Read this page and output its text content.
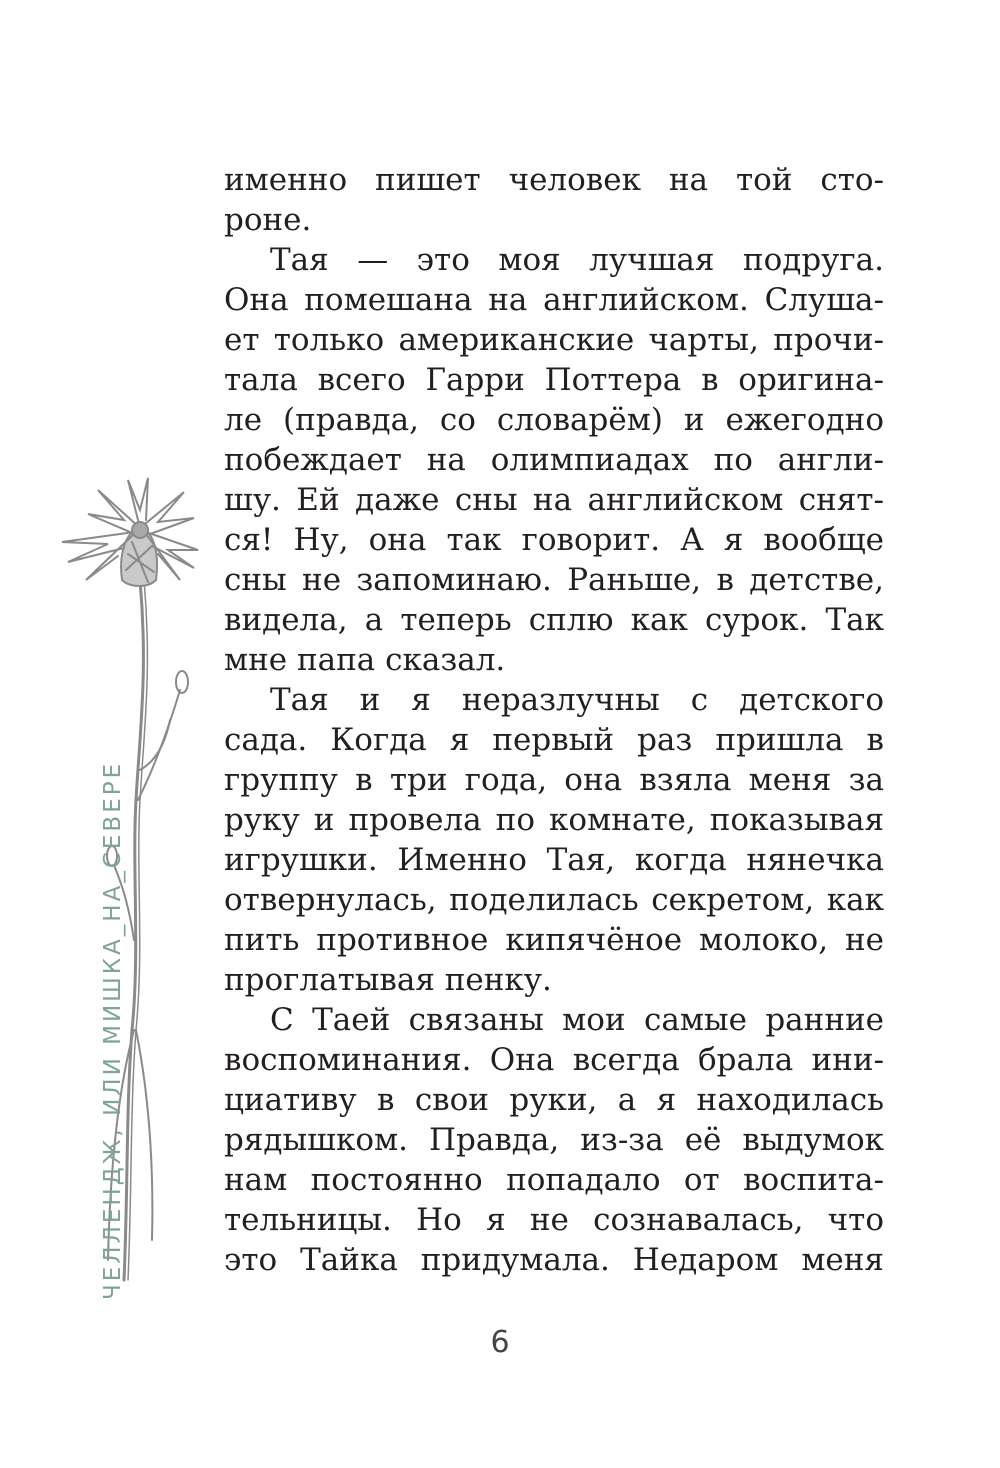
ЧЕЛЛЕНДЖ, ИЛИ МИШКА_НА_СЕВЕРЕ
именно пишет человек на той сто-
роне.
Тая — это моя лучшая подруга.
Она помешана на английском. Слуша-
ет только американские чарты, прочи-
тала всего Гарри Поттера в оригина-
ле (правда, со словарём) и ежегодно
побеждает на олимпиадах по англи-
шу. Ей даже сны на английском снят-
ся! Ну, она так говорит. А я вообще
сны не запоминаю. Раньше, в детстве,
видела, а теперь сплю как сурок. Так
мне папа сказал.
Тая и я неразлучны с детского
сада. Когда я первый раз пришла в
группу в три года, она взяла меня за
руку и провела по комнате, показывая
игрушки. Именно Тая, когда нянечка
отвернулась, поделилась секретом, как
пить противное кипячёное молоко, не
проглатывая пенку.
С Таей связаны мои самые ранние
воспоминания. Она всегда брала ини-
циативу в свои руки, а я находилась
рядышком. Правда, из-за её выдумок
нам постоянно попадало от воспита-
тельницы. Но я не сознавалась, что
это Тайка придумала. Недаром меня
6
